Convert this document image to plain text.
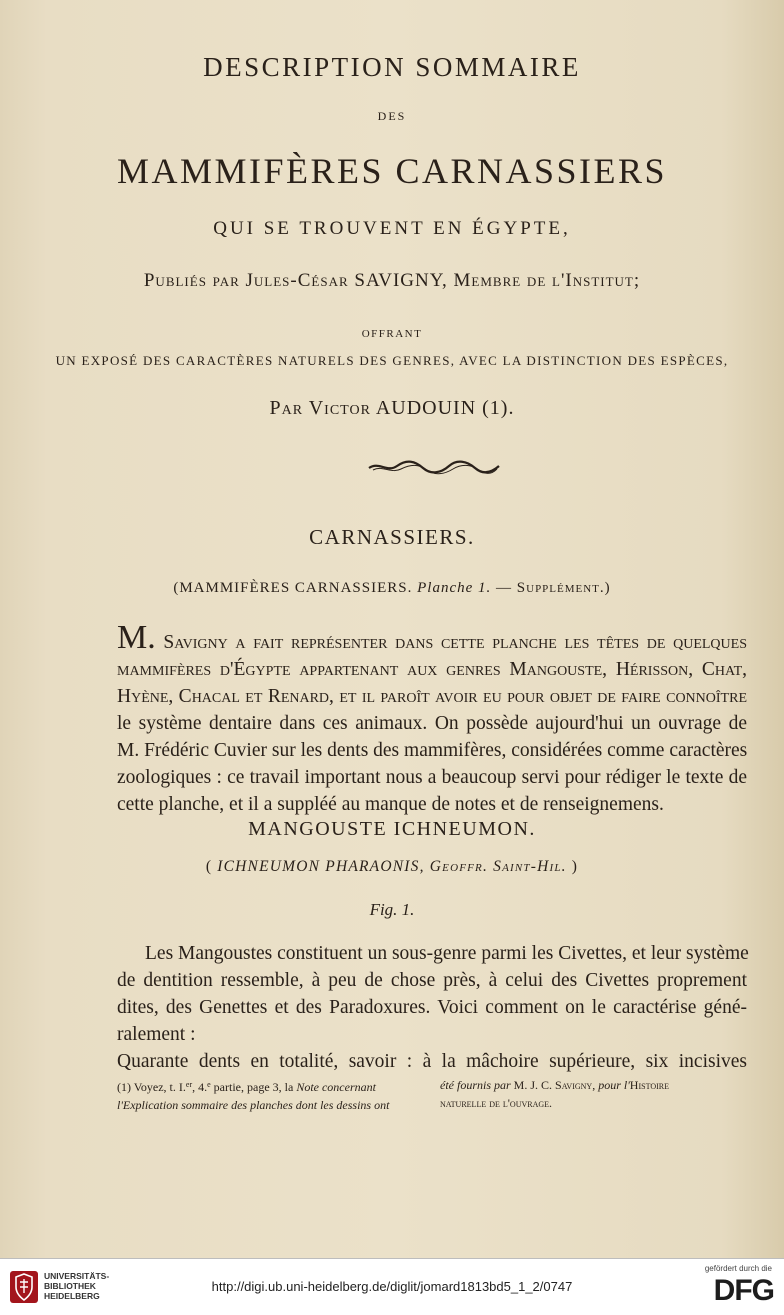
DESCRIPTION SOMMAIRE
DES
MAMMIFÈRES CARNASSIERS
QUI SE TROUVENT EN ÉGYPTE,
Publiés par Jules-César SAVIGNY, Membre de l'Institut;
OFFRANT
UN EXPOSÉ DES CARACTÈRES NATURELS DES GENRES, AVEC LA DISTINCTION DES ESPÈCES,
Par Victor AUDOUIN (1).
CARNASSIERS.
(MAMMIFÈRES CARNASSIERS. Planche 1. — Supplément.)
M. Savigny a fait représenter dans cette planche les têtes de quelques
mammifères d'Égypte appartenant aux genres Mangouste, Hérisson, Chat,
Hyène, Chacal et Renard, et il paroît avoir eu pour objet de faire connoître
le système dentaire dans ces animaux. On possède aujourd'hui un ouvrage de
M. Frédéric Cuvier sur les dents des mammifères, considérées comme caractères
zoologiques : ce travail important nous a beaucoup servi pour rédiger le texte de
cette planche, et il a suppléé au manque de notes et de renseignemens.
MANGOUSTE ICHNEUMON.
( ICHNEUMON PHARAONIS, Geoffr. Saint-Hil. )
Fig. 1.
Les Mangoustes constituent un sous-genre parmi les Civettes, et leur système
de dentition ressemble, à peu de chose près, à celui des Civettes proprement
dites, des Genettes et des Paradoxures. Voici comment on le caractérise géné-
ralement :
Quarante dents en totalité, savoir : à la mâchoire supérieure, six incisives
(1) Voyez, t. I.$^{er}$, 4.$^e$ partie, page 3, la Note concernant
l'Explication sommaire des planches dont les dessins ont
été fournis par M. J. C. Savigny, pour l'Histoire
naturelle de l'ouvrage.
UNIVERSITÄTS-
BIBLIOTHEK
HEIDELBERG
http://digi.ub.uni-heidelberg.de/diglit/jomard1813bd5_1_2/0747
gefördert durch die
DFG
